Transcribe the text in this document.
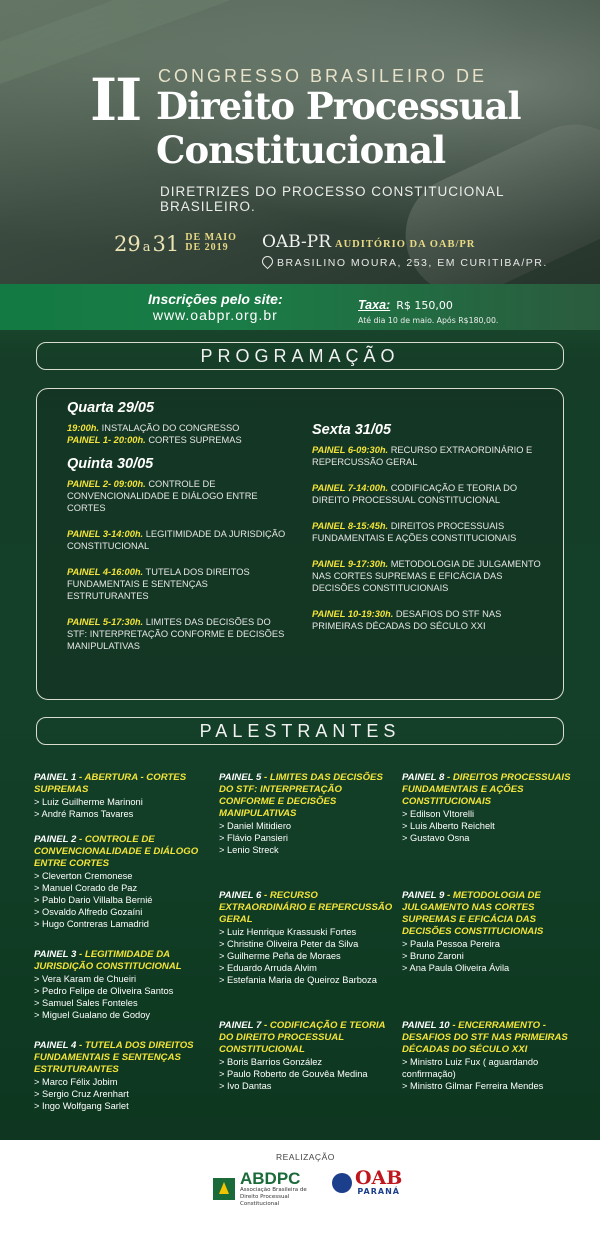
II CONGRESSO BRASILEIRO DE
Direito Processual
Constitucional
DIRETRIZES DO PROCESSO CONSTITUCIONAL BRASILEIRO.
29 a31 DE MAIO
DE 2019	OAB-PR AUDITÓRIO DA OAB/PR
BRASILINO MOURA, 253, EM CURITIBA/PR.
Inscrições pelo site:
www.oabpr.org.br
Taxa: R$ 150,00
Até dia 10 de maio. Após R$180,00.
PROGRAMAÇÃO
Quarta 29/05
19:00h. INSTALAÇÃO DO CONGRESSO
PAINEL 1- 20:00h. CORTES SUPREMAS
Quinta 30/05
PAINEL 2- 09:00h. CONTROLE DE CONVENCIONALIDADE E DIÁLOGO ENTRE CORTES
PAINEL 3-14:00h. LEGITIMIDADE DA JURISDIÇÃO CONSTITUCIONAL
PAINEL 4-16:00h. TUTELA DOS DIREITOS FUNDAMENTAIS E SENTENÇAS ESTRUTURANTES
PAINEL 5-17:30h. LIMITES DAS DECISÕES DO STF: INTERPRETAÇÃO CONFORME E DECISÕES MANIPULATIVAS
Sexta 31/05
PAINEL 6-09:30h. RECURSO EXTRAORDINÁRIO E REPERCUSSÃO GERAL
PAINEL 7-14:00h. CODIFICAÇÃO E TEORIA DO DIREITO PROCESSUAL CONSTITUCIONAL
PAINEL 8-15:45h. DIREITOS PROCESSUAIS FUNDAMENTAIS E AÇÕES CONSTITUCIONAIS
PAINEL 9-17:30h. METODOLOGIA DE JULGAMENTO NAS CORTES SUPREMAS E EFICÁCIA DAS DECISÕES CONSTITUCIONAIS
PAINEL 10-19:30h. DESAFIOS DO STF NAS PRIMEIRAS DÉCADAS DO SÉCULO XXI
PALESTRANTES
PAINEL 1 - ABERTURA - CORTES SUPREMAS
> Luiz Guilherme Marinoni
> André Ramos Tavares
PAINEL 2 - CONTROLE DE CONVENCIONALIDADE E DIÁLOGO ENTRE CORTES
> Cleverton Cremonese
> Manuel Corado de Paz
> Pablo Dario Villalba Bernié
> Osvaldo Alfredo Gozaíni
> Hugo Contreras Lamadrid
PAINEL 3 - LEGITIMIDADE DA JURISDIÇÃO CONSTITUCIONAL
> Vera Karam de Chueiri
> Pedro Felipe de Oliveira Santos
> Samuel Sales Fonteles
> Miguel Gualano de Godoy
PAINEL 4 - TUTELA DOS DIREITOS FUNDAMENTAIS E SENTENÇAS ESTRUTURANTES
> Marco Félix Jobim
> Sergio Cruz Arenhart
> Ingo Wolfgang Sarlet
PAINEL 5 - LIMITES DAS DECISÕES DO STF: INTERPRETAÇÃO CONFORME E DECISÕES MANIPULATIVAS
> Daniel Mitidiero
> Flávio Pansieri
> Lenio Streck
PAINEL 6 - RECURSO EXTRAORDINÁRIO E REPERCUSSÃO GERAL
> Luiz Henrique Krassuski Fortes
> Christine Oliveira Peter da Silva
> Guilherme Peña de Moraes
> Eduardo Arruda Alvim
> Estefania Maria de Queiroz Barboza
PAINEL 7 - CODIFICAÇÃO E TEORIA DO DIREITO PROCESSUAL CONSTITUCIONAL
> Boris Barrios González
> Paulo Roberto de Gouvêa Medina
> Ivo Dantas
PAINEL 8 - DIREITOS PROCESSUAIS FUNDAMENTAIS E AÇÕES CONSTITUCIONAIS
> Edilson VItorelli
> Luis Alberto Reichelt
> Gustavo Osna
PAINEL 9 - METODOLOGIA DE JULGAMENTO NAS CORTES SUPREMAS E EFICÁCIA DAS DECISÕES CONSTITUCIONAIS
> Paula Pessoa Pereira
> Bruno Zaroni
> Ana Paula Oliveira Ávila
PAINEL 10 - ENCERRAMENTO - DESAFIOS DO STF NAS PRIMEIRAS DÉCADAS DO SÉCULO XXI
> Ministro Luiz Fux ( aguardando confirmação)
> Ministro Gilmar Ferreira Mendes
REALIZAÇÃO
ABDPC
Associação Brasileira de Direito Processual Constitucional
OAB
PARANÁ
